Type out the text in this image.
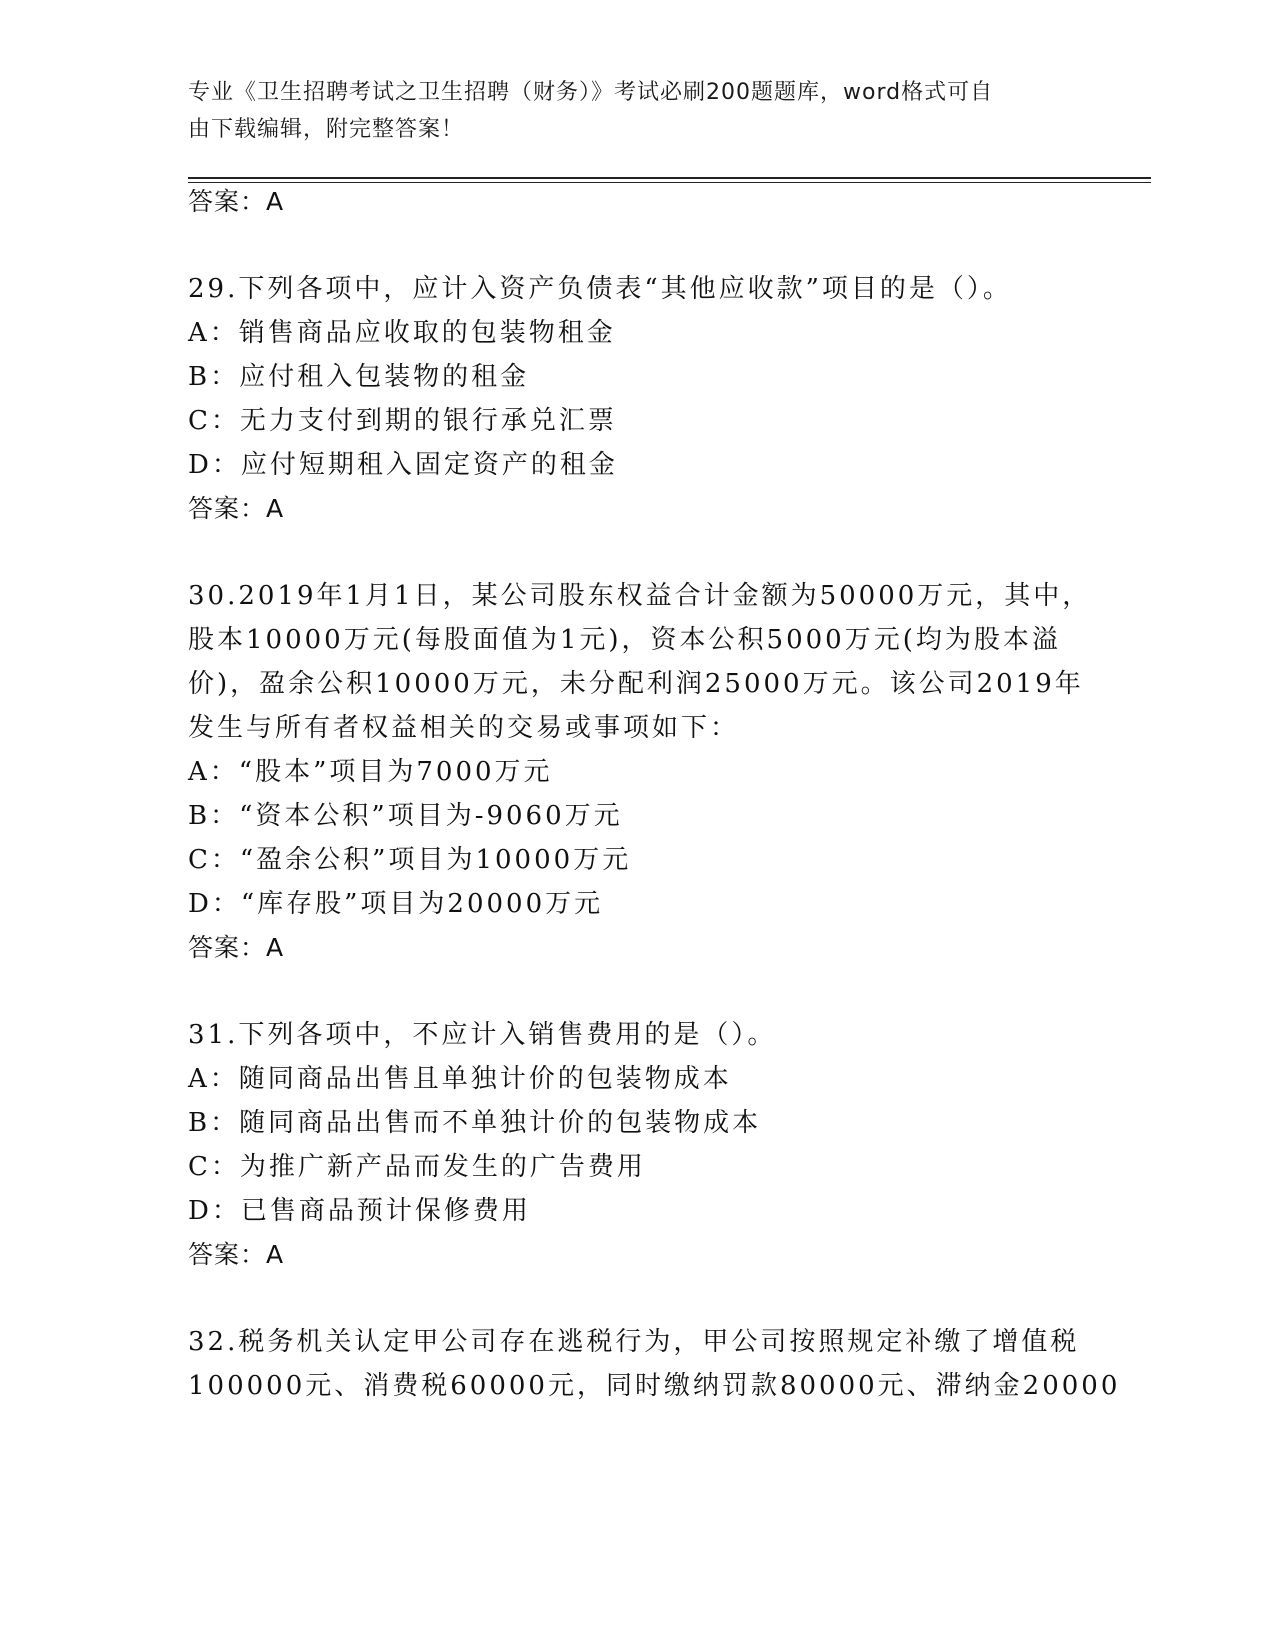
专业《卫生招聘考试之卫生招聘（财务）》考试必刷200题题库，word格式可自
由下载编辑，附完整答案！
答案：A
29.下列各项中，应计入资产负债表“其他应收款”项目的是（）。
A：销售商品应收取的包装物租金
B：应付租入包装物的租金
C：无力支付到期的银行承兑汇票
D：应付短期租入固定资产的租金
答案：A
30.2019年1月1日，某公司股东权益合计金额为50000万元，其中，
股本10000万元(每股面值为1元)，资本公积5000万元(均为股本溢
价)，盈余公积10000万元，未分配利润25000万元。该公司2019年
发生与所有者权益相关的交易或事项如下：
A：“股本”项目为7000万元
B：“资本公积”项目为-9060万元
C：“盈余公积”项目为10000万元
D：“库存股”项目为20000万元
答案：A
31.下列各项中，不应计入销售费用的是（）。
A：随同商品出售且单独计价的包装物成本
B：随同商品出售而不单独计价的包装物成本
C：为推广新产品而发生的广告费用
D：已售商品预计保修费用
答案：A
32.税务机关认定甲公司存在逃税行为，甲公司按照规定补缴了增值税
100000元、消费税60000元，同时缴纳罚款80000元、滞纳金20000
